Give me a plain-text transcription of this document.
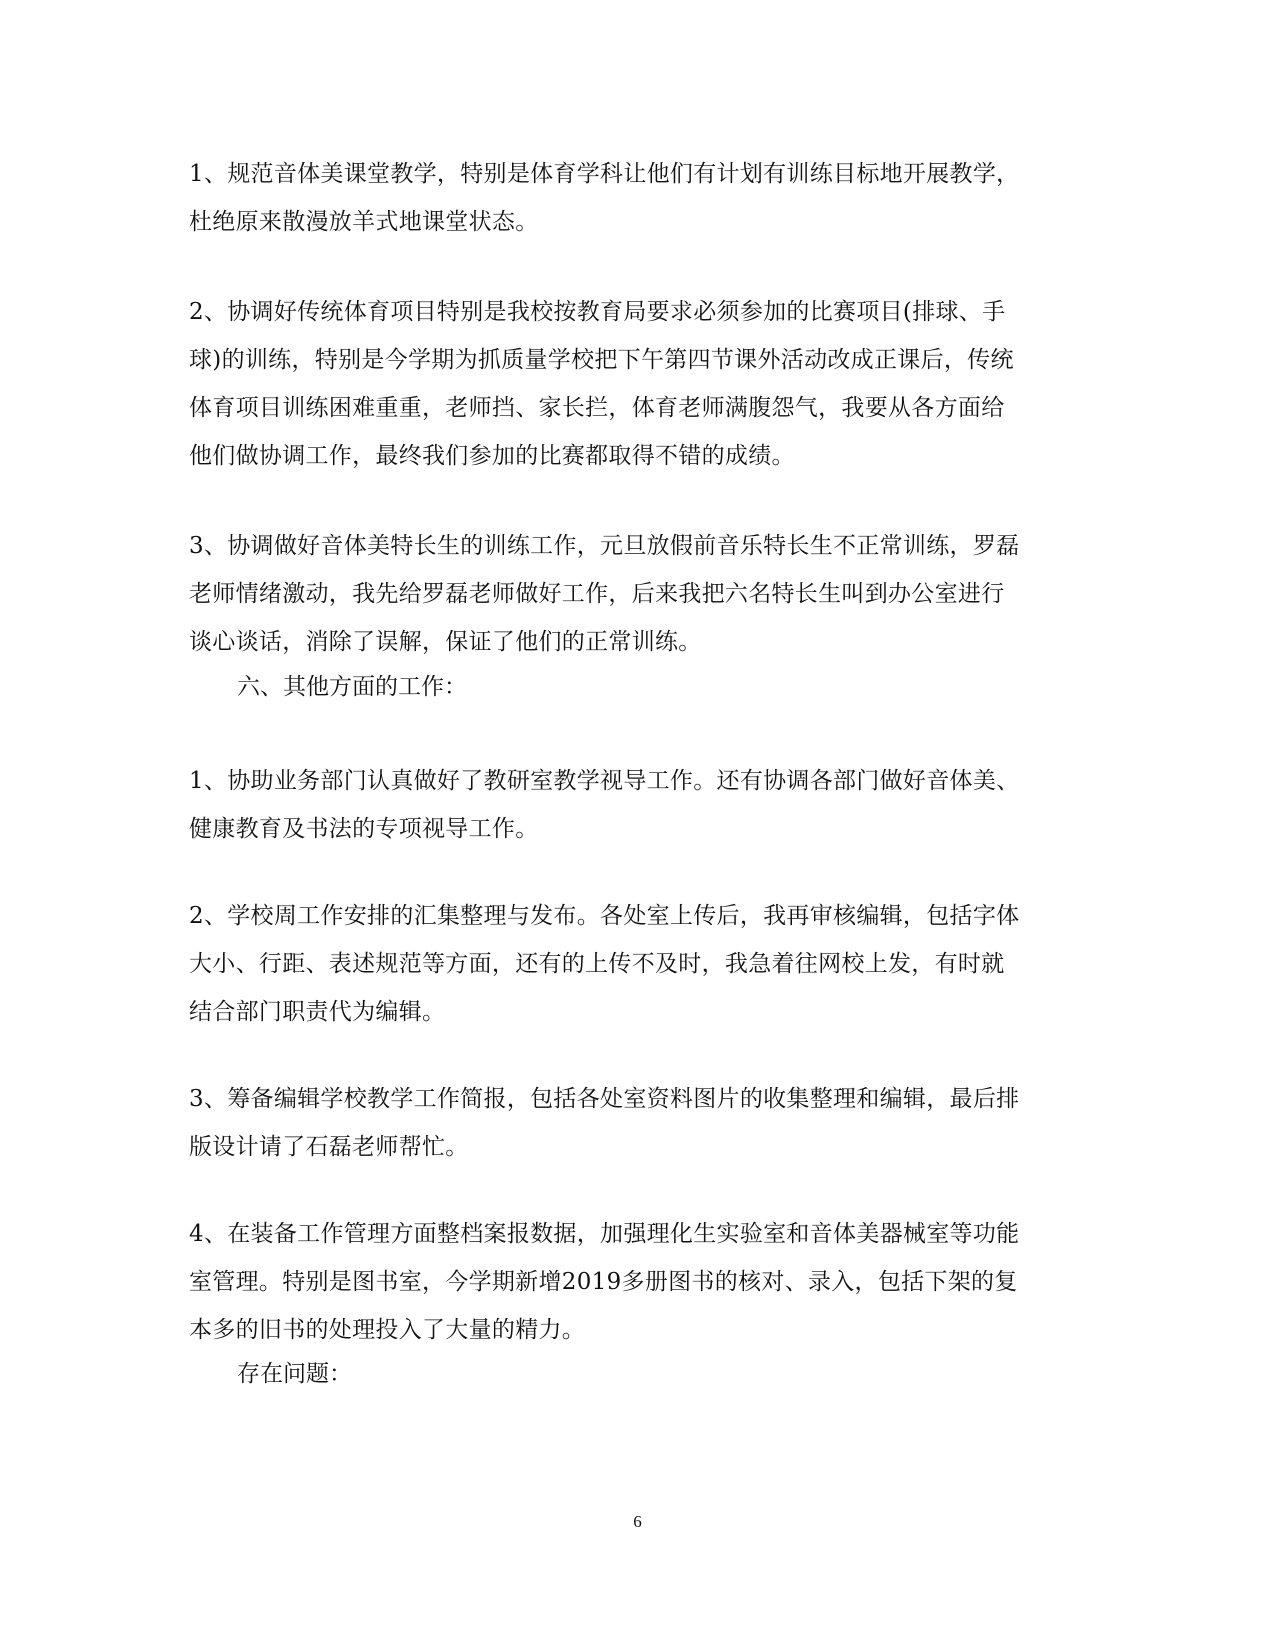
1、规范音体美课堂教学，特别是体育学科让他们有计划有训练目标地开展教学，
杜绝原来散漫放羊式地课堂状态。

2、协调好传统体育项目特别是我校按教育局要求必须参加的比赛项目(排球、手
球)的训练，特别是今学期为抓质量学校把下午第四节课外活动改成正课后，传统
体育项目训练困难重重，老师挡、家长拦，体育老师满腹怨气，我要从各方面给
他们做协调工作，最终我们参加的比赛都取得不错的成绩。

3、协调做好音体美特长生的训练工作，元旦放假前音乐特长生不正常训练，罗磊
老师情绪激动，我先给罗磊老师做好工作，后来我把六名特长生叫到办公室进行
谈心谈话，消除了误解，保证了他们的正常训练。

六、其他方面的工作：

1、协助业务部门认真做好了教研室教学视导工作。还有协调各部门做好音体美、
健康教育及书法的专项视导工作。

2、学校周工作安排的汇集整理与发布。各处室上传后，我再审核编辑，包括字体
大小、行距、表述规范等方面，还有的上传不及时，我急着往网校上发，有时就
结合部门职责代为编辑。

3、筹备编辑学校教学工作简报，包括各处室资料图片的收集整理和编辑，最后排
版设计请了石磊老师帮忙。

4、在装备工作管理方面整档案报数据，加强理化生实验室和音体美器械室等功能
室管理。特别是图书室，今学期新增2019多册图书的核对、录入，包括下架的复
本多的旧书的处理投入了大量的精力。

存在问题：

6
